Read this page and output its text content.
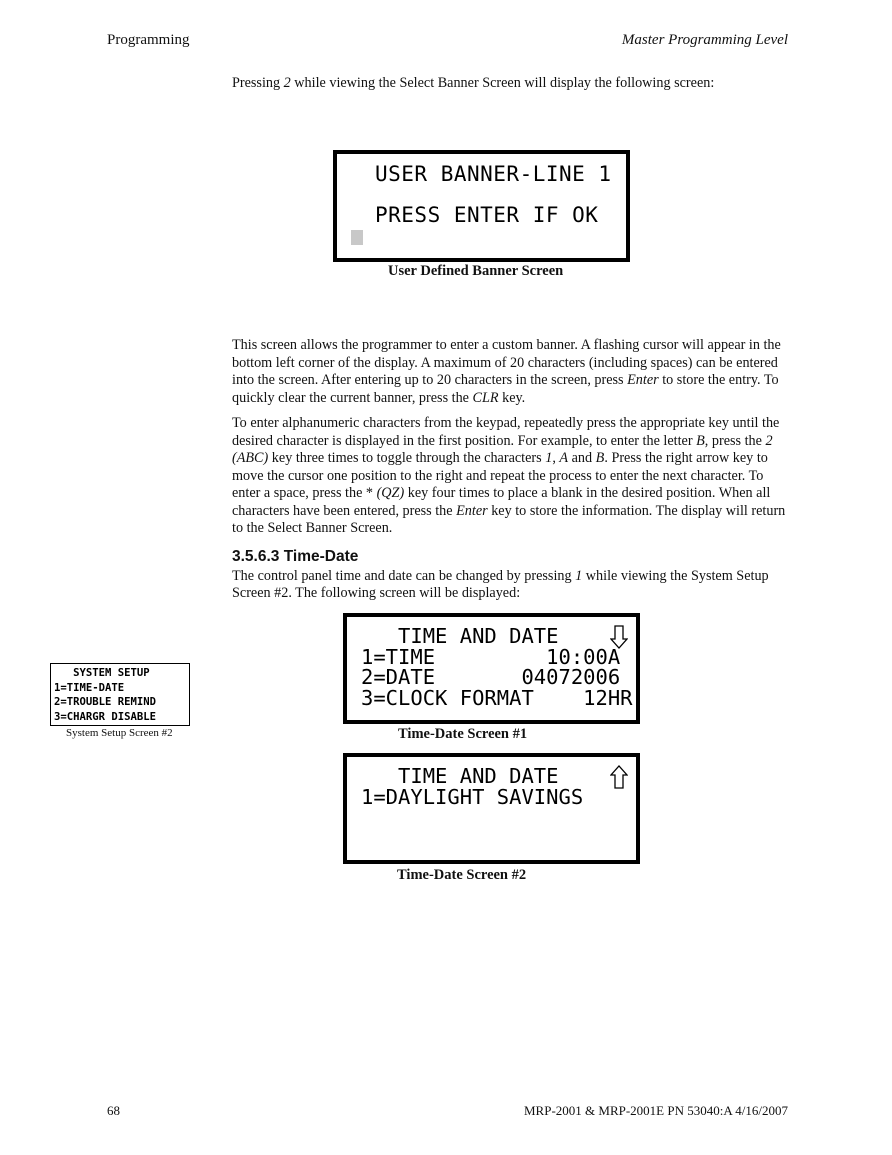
Programming	Master Programming Level
Pressing 2 while viewing the Select Banner Screen will display the following screen:
USER BANNER-LINE 1
PRESS ENTER IF OK
User Defined Banner Screen

This screen allows the programmer to enter a custom banner. A flashing cursor will appear in the bottom left corner of the display. A maximum of 20 characters (including spaces) can be entered into the screen. After entering up to 20 characters in the screen, press Enter to store the entry. To quickly clear the current banner, press the CLR key.

To enter alphanumeric characters from the keypad, repeatedly press the appropriate key until the desired character is displayed in the first position. For example, to enter the letter B, press the 2 (ABC) key three times to toggle through the characters 1, A and B. Press the right arrow key to move the cursor one position to the right and repeat the process to enter the next character. To enter a space, press the * (QZ) key four times to place a blank in the desired position. When all characters have been entered, press the Enter key to store the information. The display will return to the Select Banner Screen.

3.5.6.3 Time-Date
The control panel time and date can be changed by pressing 1 while viewing the System Setup Screen #2. The following screen will be displayed:
SYSTEM SETUP
1=TIME-DATE
2=TROUBLE REMIND
3=CHARGR DISABLE
System Setup Screen #2
TIME AND DATE
1=TIME         10:00A
2=DATE       04072006
3=CLOCK FORMAT    12HR
Time-Date Screen #1
TIME AND DATE
1=DAYLIGHT SAVINGS
Time-Date Screen #2
68	MRP-2001 & MRP-2001E PN 53040:A 4/16/2007
